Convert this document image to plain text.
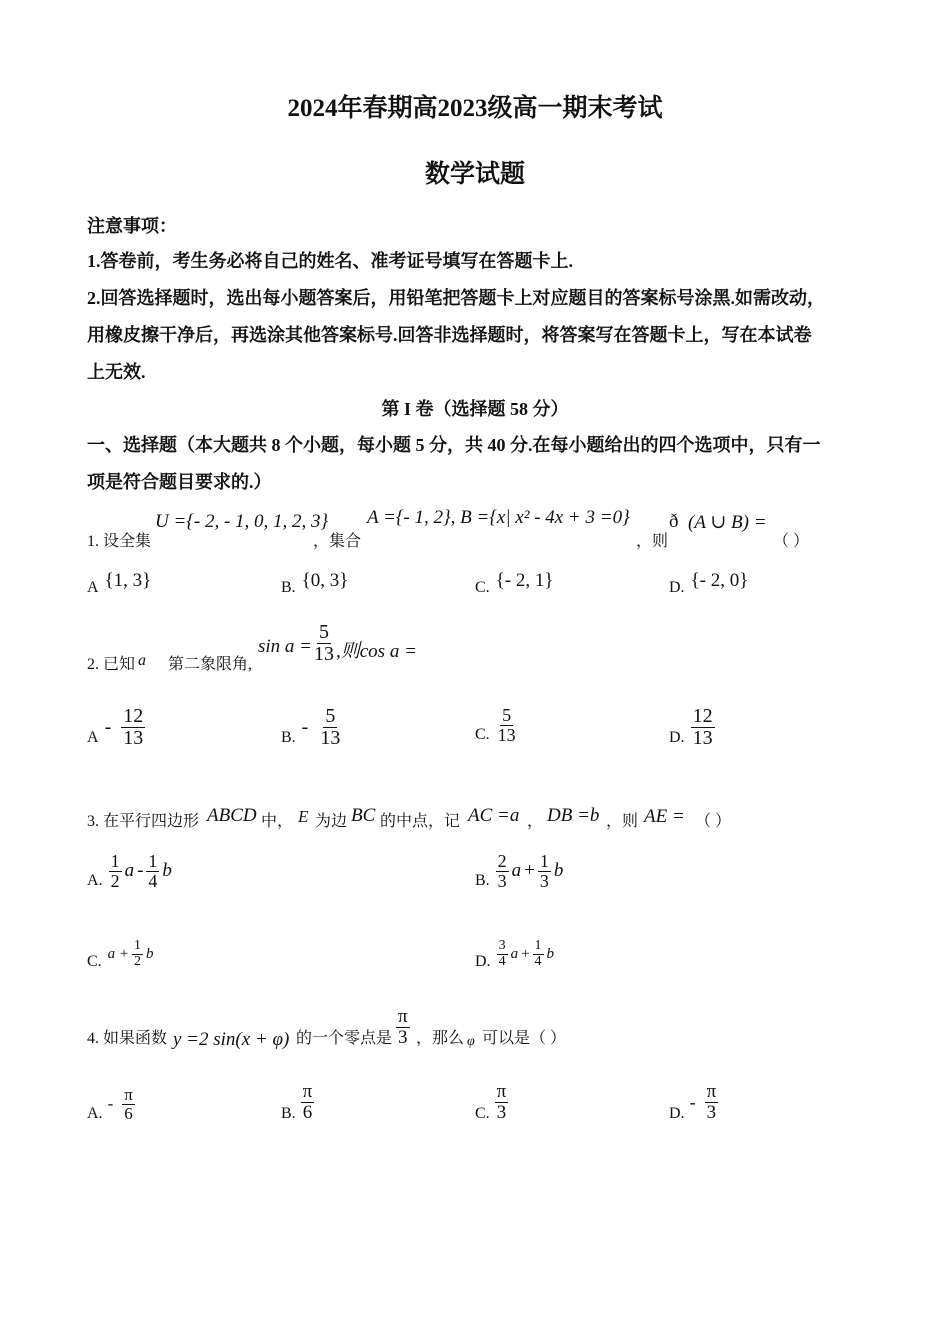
2024年春期高2023级高一期末考试
数学试题
注意事项：
1.答卷前，考生务必将自己的姓名、准考证号填写在答题卡上.
2.回答选择题时，选出每小题答案后，用铅笔把答题卡上对应题目的答案标号涂黑.如需改动，
用橡皮擦干净后，再选涂其他答案标号.回答非选择题时，将答案写在答题卡上，写在本试卷
上无效.
第 I 卷（选择题 58 分）
一、选择题（本大题共 8 个小题，每小题 5 分，共 40 分.在每小题给出的四个选项中，只有一
项是符合题目要求的.）
1. 设全集
U ={- 2, - 1, 0, 1, 2, 3}
，集合
A ={- 1, 2}, B ={x| x² - 4x + 3 =0}
，则
ð (A ∪ B) =
（ ）
A {1, 3}	B. {0, 3}	C. {- 2, 1}	D. {- 2, 0}
2. 已知 a 第二象限角,
$\sin a = \frac{5}{13}$ ,则cos a =
A - $\frac{12}{13}$	B. - $\frac{5}{13}$	C. $\frac{5}{13}$	D. $\frac{12}{13}$
3. 在平行四边形 ABCD 中， E 为边 BC 的中点，记 AC =a ， DB =b ，则 AE = （ ）
A. $\frac{1}{2}$ a - $\frac{1}{4}$ b	B. $\frac{2}{3}$ $a + \frac{1}{3}$ b
C. $a + \frac{1}{2}$ b	D. $\frac{3}{4}$ $a + \frac{1}{4}$ b
4. 如果函数 y =2 sin(x + φ) 的一个零点是 $\frac{\pi}{3}$ ，那么 φ 可以是（ ）
A.
- $\frac{\pi}{6}$	B. $\frac{\pi}{6}$	C. $\frac{\pi}{3}$	D.
- $\frac{\pi}{3}$
